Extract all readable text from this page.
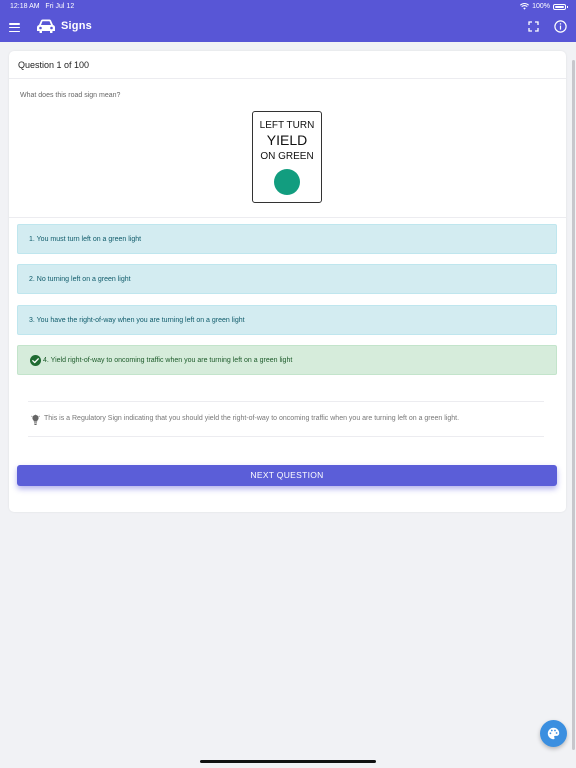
12:18 AM Fri Jul 12	100%
Signs
Question 1 of 100
What does this road sign mean?
LEFT TURN
YIELD
ON GREEN
1. You must turn left on a green light
2. No turning left on a green light
3. You have the right-of-way when you are turning left on a green light
4. Yield right-of-way to oncoming traffic when you are turning left on a green light
This is a Regulatory Sign indicating that you should yield the right-of-way to oncoming traffic when you are turning left on a green light.
NEXT QUESTION
